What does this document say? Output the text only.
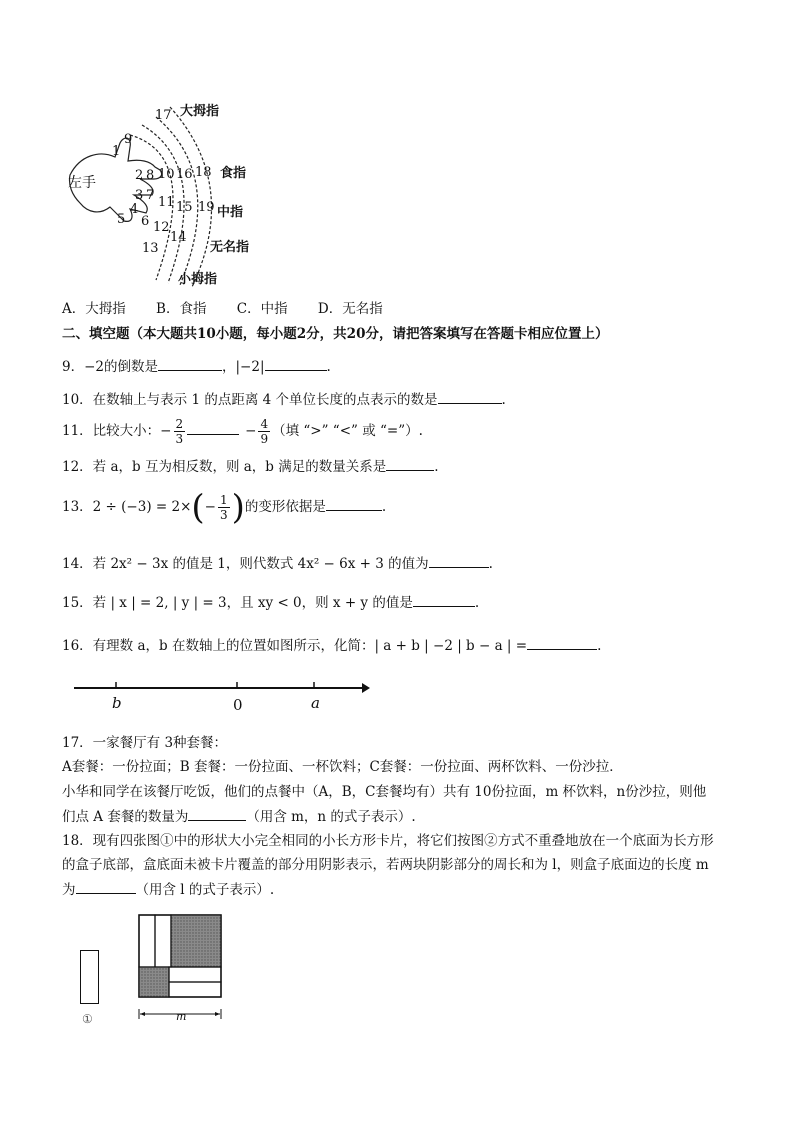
左手
17
9
1
2 8 10 16 18
3 7 11 15 19
4
5 6 12
13
14
大拇指
食指
中指
无名指
小拇指
A．大拇指 B．食指 C．中指 D．无名指
二、填空题（本大题共10小题，每小题2分，共20分，请把答案填写在答题卡相应位置上）
9．−2的倒数是	，|−2|	.
10．在数轴上与表示 1 的点距离 4 个单位长度的点表示的数是	.
11．比较大小：− $\frac{2}{3}$	− $\frac{4}{9}$ （填 “>” “<” 或 “=”）.
12．若 a，b 互为相反数，则 a，b 满足的数量关系是	.
13．$2 \div (-3) = 2\times(- \frac{1}{3}$ )的变形依据是	.
14．若 2x² − 3x 的值是 1，则代数式 4x² − 6x + 3 的值为	.
15．若 | x | = 2, | y | = 3，且 xy < 0，则 x + y 的值是	.
16．有理数 a，b 在数轴上的位置如图所示，化简：| a + b | −2 | b − a | =	.
b	0	a
17．一家餐厅有 3种套餐：
A套餐：一份拉面；B 套餐：一份拉面、一杯饮料；C套餐：一份拉面、两杯饮料、一份沙拉．
小华和同学在该餐厅吃饭，他们的点餐中（A，B，C套餐均有）共有 10份拉面，m 杯饮料，n份沙拉，则他
们点 A 套餐的数量为	（用含 m，n 的式子表示）.
18．现有四张图①中的形状大小完全相同的小长方形卡片，将它们按图②方式不重叠地放在一个底面为长方形
的盒子底部，盒底面未被卡片覆盖的部分用阴影表示，若两块阴影部分的周长和为 l，则盒子底面边的长度 m
为	（用含 l 的式子表示）.
①	m
